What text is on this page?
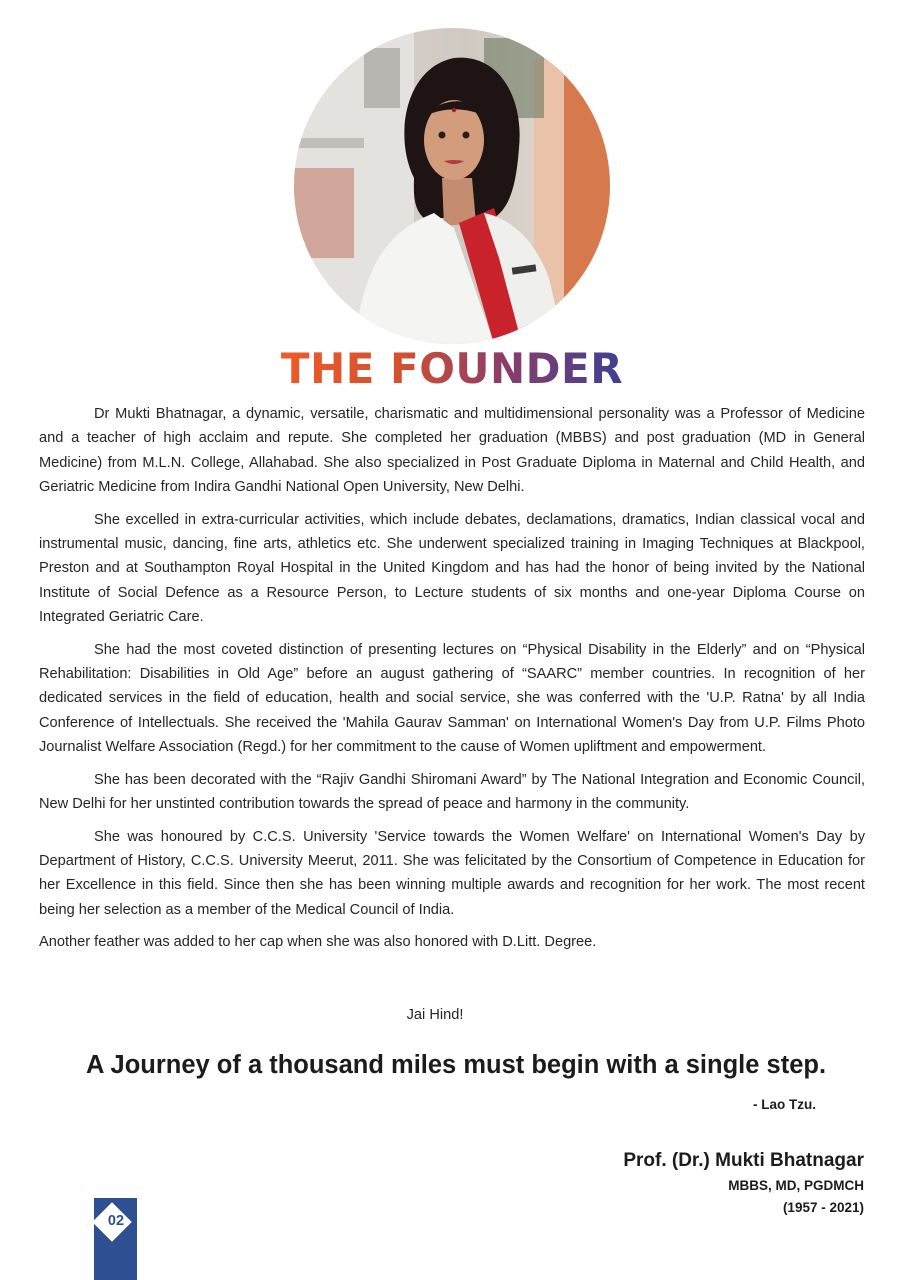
THE FOUNDER

Dr Mukti Bhatnagar, a dynamic, versatile, charismatic and multidimensional personality was a Professor of Medicine and a teacher of high acclaim and repute. She completed her graduation (MBBS) and post graduation (MD in General Medicine) from M.L.N. College, Allahabad. She also specialized in Post Graduate Diploma in Maternal and Child Health, and Geriatric Medicine from Indira Gandhi National Open University, New Delhi.

She excelled in extra-curricular activities, which include debates, declamations, dramatics, Indian classical vocal and instrumental music, dancing, fine arts, athletics etc. She underwent specialized training in Imaging Techniques at Blackpool, Preston and at Southampton Royal Hospital in the United Kingdom and has had the honor of being invited by the National Institute of Social Defence as a Resource Person, to Lecture students of six months and one-year Diploma Course on Integrated Geriatric Care.

She had the most coveted distinction of presenting lectures on “Physical Disability in the Elderly” and on “Physical Rehabilitation: Disabilities in Old Age” before an august gathering of “SAARC” member countries. In recognition of her dedicated services in the field of education, health and social service, she was conferred with the 'U.P. Ratna' by all India Conference of Intellectuals. She received the 'Mahila Gaurav Samman' on International Women's Day from U.P. Films Photo Journalist Welfare Association (Regd.) for her commitment to the cause of Women upliftment and empowerment.

She has been decorated with the “Rajiv Gandhi Shiromani Award” by The National Integration and Economic Council, New Delhi for her unstinted contribution towards the spread of peace and harmony in the community.

She was honoured by C.C.S. University 'Service towards the Women Welfare' on International Women's Day by Department of History, C.C.S. University Meerut, 2011. She was felicitated by the Consortium of Competence in Education for her Excellence in this field. Since then she has been winning multiple awards and recognition for her work. The most recent being her selection as a member of the Medical Council of India.

Another feather was added to her cap when she was also honored with D.Litt. Degree.

Jai Hind!
A Journey of a thousand miles must begin with a single step.
- Lao Tzu.
Prof. (Dr.) Mukti Bhatnagar
MBBS, MD, PGDMCH
(1957 - 2021)
02
